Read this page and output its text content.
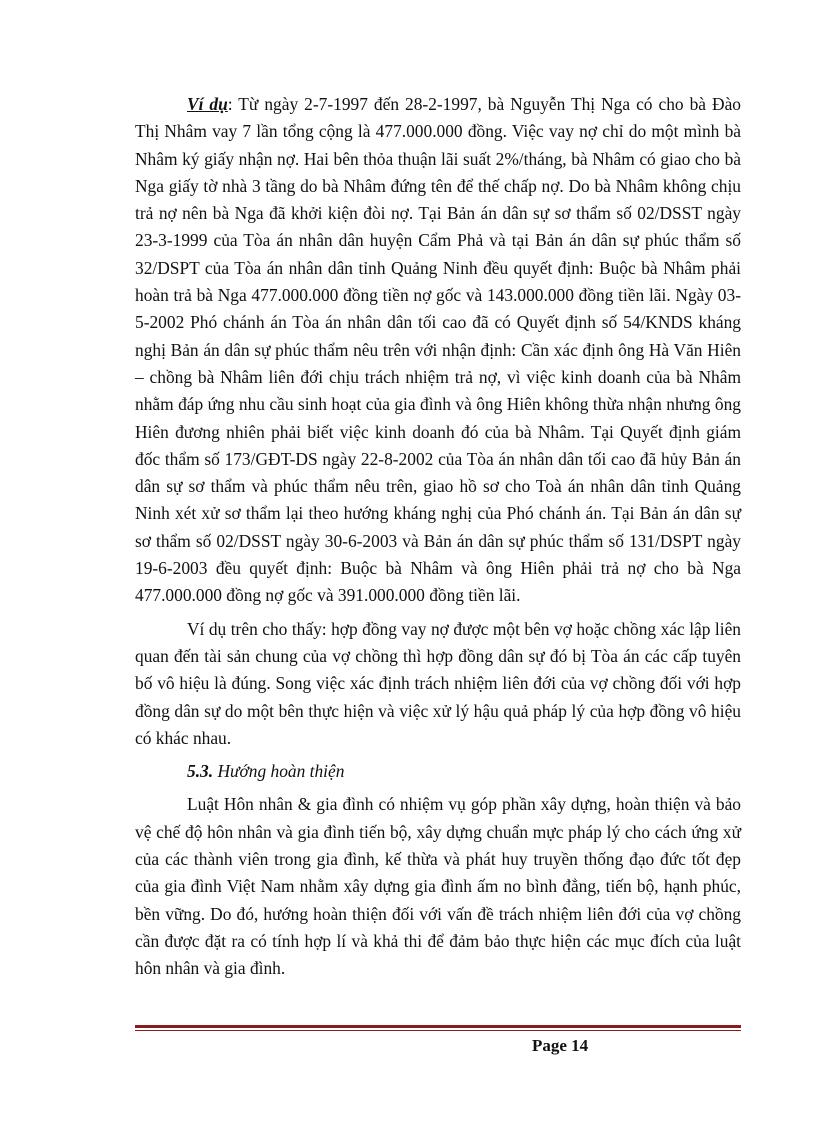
Ví dụ: Từ ngày 2-7-1997 đến 28-2-1997, bà Nguyễn Thị Nga có cho bà Đào Thị Nhâm vay 7 lần tổng cộng là 477.000.000 đồng. Việc vay nợ chỉ do một mình bà Nhâm ký giấy nhận nợ. Hai bên thỏa thuận lãi suất 2%/tháng, bà Nhâm có giao cho bà Nga giấy tờ nhà 3 tầng do bà Nhâm đứng tên để thế chấp nợ. Do bà Nhâm không chịu trả nợ nên bà Nga đã khởi kiện đòi nợ. Tại Bản án dân sự sơ thẩm số 02/DSST ngày 23-3-1999 của Tòa án nhân dân huyện Cẩm Phả và tại Bản án dân sự phúc thẩm số 32/DSPT của Tòa án nhân dân tỉnh Quảng Ninh đều quyết định: Buộc bà Nhâm phải hoàn trả bà Nga 477.000.000 đồng tiền nợ gốc và 143.000.000 đồng tiền lãi. Ngày 03-5-2002 Phó chánh án Tòa án nhân dân tối cao đã có Quyết định số 54/KNDS kháng nghị Bản án dân sự phúc thẩm nêu trên với nhận định: Cần xác định ông Hà Văn Hiên – chồng bà Nhâm liên đới chịu trách nhiệm trả nợ, vì việc kinh doanh của bà Nhâm nhằm đáp ứng nhu cầu sinh hoạt của gia đình và ông Hiên không thừa nhận nhưng ông Hiên đương nhiên phải biết việc kinh doanh đó của bà Nhâm. Tại Quyết định giám đốc thẩm số 173/GĐT-DS ngày 22-8-2002 của Tòa án nhân dân tối cao đã hủy Bản án dân sự sơ thẩm và phúc thẩm nêu trên, giao hồ sơ cho Toà án nhân dân tỉnh Quảng Ninh xét xử sơ thẩm lại theo hướng kháng nghị của Phó chánh án. Tại Bản án dân sự sơ thẩm số 02/DSST ngày 30-6-2003 và Bản án dân sự phúc thẩm số 131/DSPT ngày 19-6-2003 đều quyết định: Buộc bà Nhâm và ông Hiên phải trả nợ cho bà Nga 477.000.000 đồng nợ gốc và 391.000.000 đồng tiền lãi.

Ví dụ trên cho thấy: hợp đồng vay nợ được một bên vợ hoặc chồng xác lập liên quan đến tài sản chung của vợ chồng thì hợp đồng dân sự đó bị Tòa án các cấp tuyên bố vô hiệu là đúng. Song việc xác định trách nhiệm liên đới của vợ chồng đối với hợp đồng dân sự do một bên thực hiện và việc xử lý hậu quả pháp lý của hợp đồng vô hiệu có khác nhau.

5.3. Hướng hoàn thiện

Luật Hôn nhân & gia đình có nhiệm vụ góp phần xây dựng, hoàn thiện và bảo vệ chế độ hôn nhân và gia đình tiến bộ, xây dựng chuẩn mực pháp lý cho cách ứng xử của các thành viên trong gia đình, kế thừa và phát huy truyền thống đạo đức tốt đẹp của gia đình Việt Nam nhằm xây dựng gia đình ấm no bình đẳng, tiến bộ, hạnh phúc, bền vững. Do đó, hướng hoàn thiện đối với vấn đề trách nhiệm liên đới của vợ chồng cần được đặt ra có tính hợp lí và khả thi để đảm bảo thực hiện các mục đích của luật hôn nhân và gia đình.

Page 14
